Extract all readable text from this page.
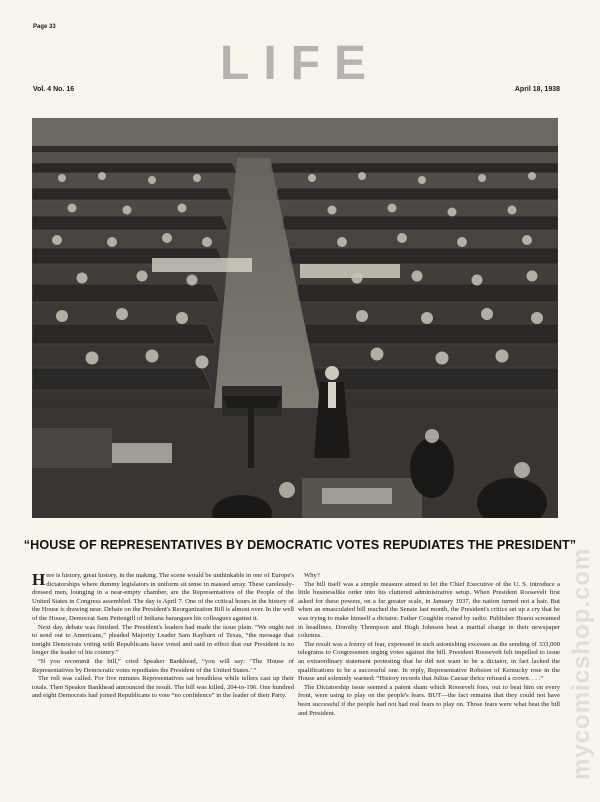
Page 33
LIFE
Vol. 4 No. 16	April 18, 1938
“HOUSE OF REPRESENTATIVES BY DEMOCRATIC VOTES REPUDIATES THE PRESIDENT”

Here is history, great history, in the making. The scene would be unthinkable in one of Europe's dictatorships where dummy legislators in uniform sit tense in massed array. These carelessly-dressed men, lounging in a near-empty chamber, are the Representatives of the People of the United States in Congress assembled. The day is April 7. One of the critical hours in the history of the House is drawing near. Debate on the President's Reorganization Bill is almost over. In the well of the House, Democrat Sam Pettengill of Indiana harangues his colleagues against it.

Next day, debate was finished. The President's leaders had made the issue plain. “We ought not to send out to Americans,” pleaded Majority Leader Sam Rayburn of Texas, “the message that tonight Democrats voting with Republicans have voted and said in effect that our President is no longer the leader of his country.”

“If you recommit the bill,” cried Speaker Bankhead, “you will say: ‘The House of Representatives by Democratic votes repudiates the President of the United States.’ ”

The roll was called. For five minutes Representatives sat breathless while tellers cast up their totals. Then Speaker Bankhead announced the result. The bill was killed, 204-to-196. One hundred and eight Democrats had joined Republicans to vote “no confidence” in the leader of their Party.

Why?

The bill itself was a simple measure aimed to let the Chief Executive of the U. S. introduce a little businesslike order into his cluttered administrative setup. When President Roosevelt first asked for these powers, on a far greater scale, in January 1937, the nation turned not a hair. But when an emasculated bill reached the Senate last month, the President's critics set up a cry that he was trying to make himself a dictator. Father Coughlin roared by radio. Publisher Hearst screamed in headlines. Dorothy Thompson and Hugh Johnson beat a martial charge in their newspaper columns.

The result was a frenzy of fear, expressed in such astonishing excesses as the sending of 333,000 telegrams to Congressmen urging votes against the bill. President Roosevelt felt impelled to issue an extraordinary statement protesting that he did not want to be a dictator, in fact lacked the qualifications to be a successful one. In reply, Representative Robsion of Kentucky rose in the House and solemnly warned: “History records that Julius Caesar thrice refused a crown. . . .”

The Dictatorship issue seemed a patent sham which Roosevelt foes, out to beat him on every front, were using to play on the people's fears. BUT—the fact remains that they could not have been successful if the people had not had real fears to play on. Those fears were what beat the bill and President.	mycomicshop.com
